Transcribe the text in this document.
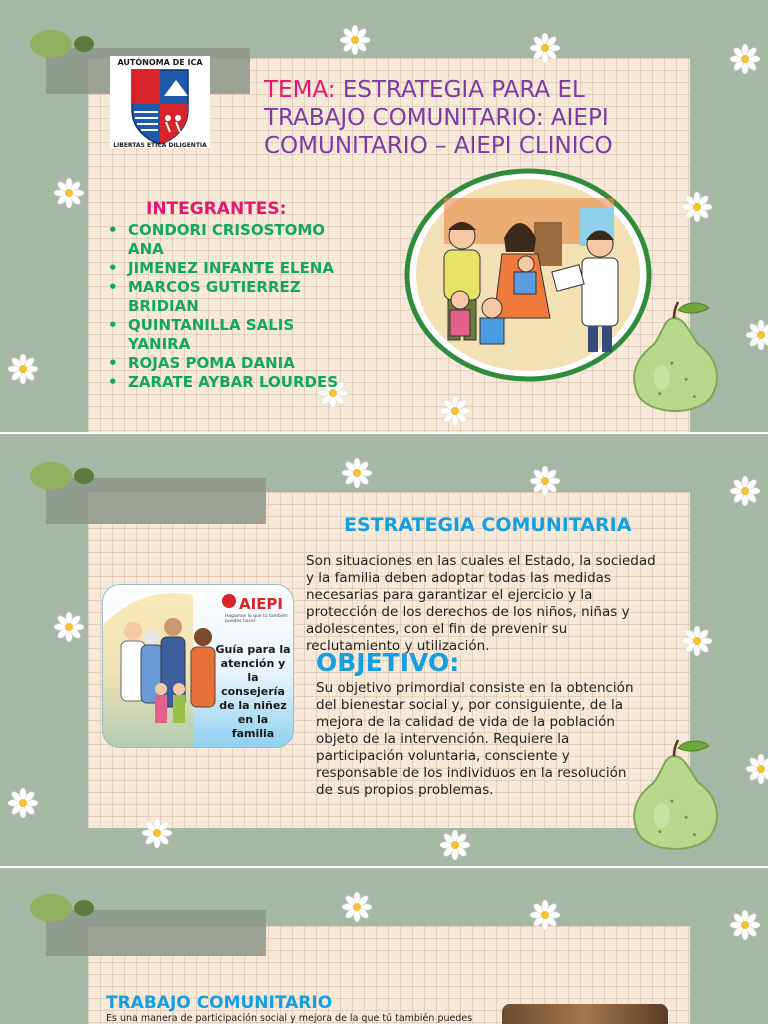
AUTÓNOMA DE ICA
LIBERTAS ETICA DILIGENTIA
TEMA: ESTRATEGIA PARA EL TRABAJO COMUNITARIO: AIEPI COMUNITARIO – AIEPI CLINICO
INTEGRANTES:
• CONDORI CRISOSTOMO ANA
• JIMENEZ INFANTE ELENA
• MARCOS GUTIERREZ BRIDIAN
• QUINTANILLA SALIS YANIRA
• ROJAS POMA DANIA
• ZARATE AYBAR LOURDES
ESTRATEGIA COMUNITARIA
Son situaciones en las cuales el Estado, la sociedad y la familia deben adoptar todas las medidas necesarias para garantizar el ejercicio y la protección de los derechos de los niños, niñas y adolescentes, con el fin de prevenir su reclutamiento y utilización.
OBJETIVO:
Su objetivo primordial consiste en la obtención del bienestar social y, por consiguiente, de la mejora de la calidad de vida de la población objeto de la intervención. Requiere la participación voluntaria, consciente y responsable de los individuos en la resolución de sus propios problemas.
AIEPI
Hagamos lo que tú también puedes hacer
Guía para la atención y la consejería de la niñez en la familia
TRABAJO COMUNITARIO
Es una manera de participación social y mejora de la que tú también puedes
